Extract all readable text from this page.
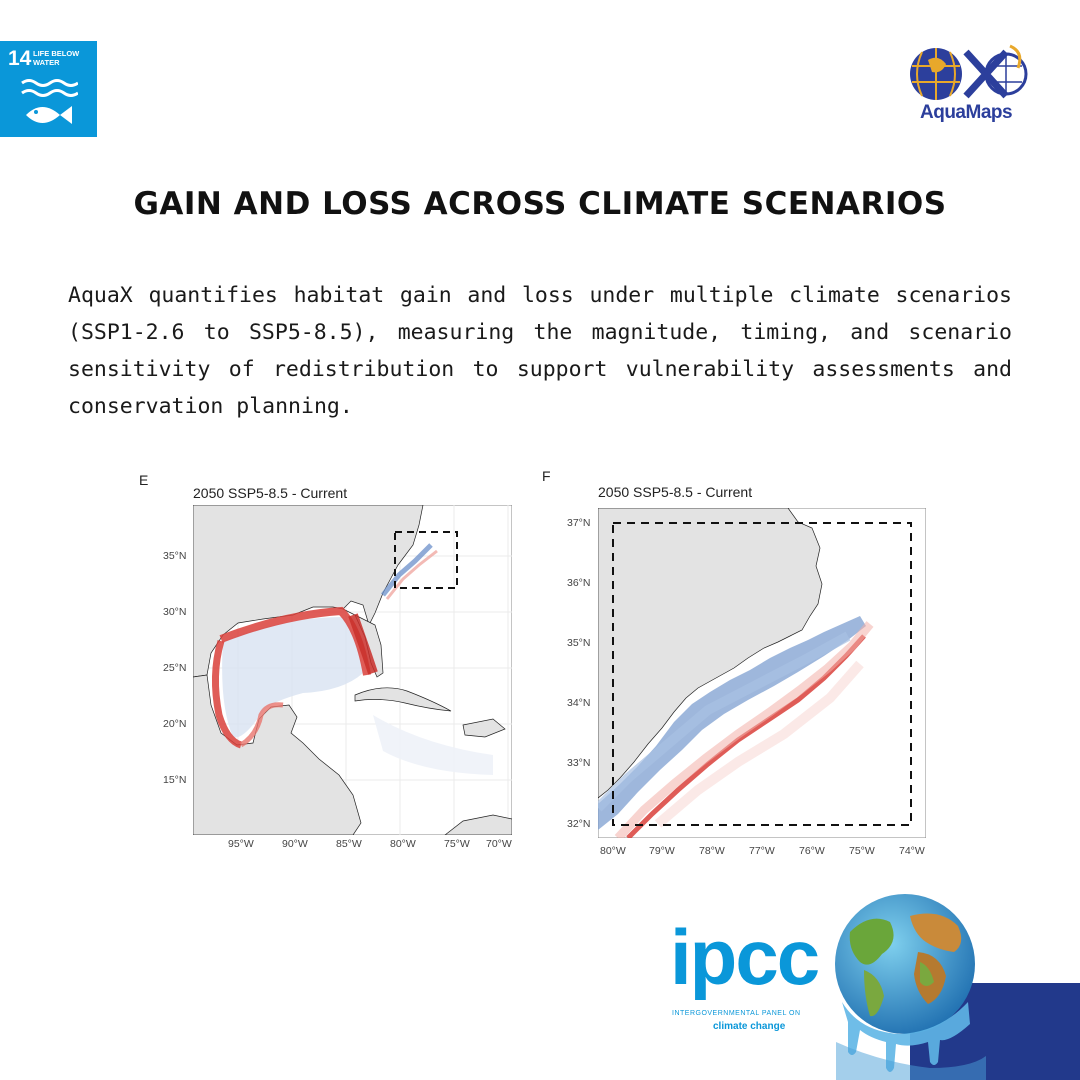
14 LIFE BELOW
WATER
AquaMaps
GAIN AND LOSS ACROSS CLIMATE SCENARIOS
AquaX quantifies habitat gain and loss under multiple climate scenarios (SSP1-2.6 to SSP5-8.5), measuring the magnitude, timing, and scenario sensitivity of redistribution to support vulnerability assessments and conservation planning.
E
2050 SSP5-8.5 - Current
35°N
30°N
25°N
20°N
15°N
95°W	90°W	85°W	80°W	75°W 70°W
F
2050 SSP5-8.5 - Current
37°N
36°N
35°N
34°N
33°N
32°N
80°W 79°W 78°W 77°W 76°W 75°W 74°W
ipcc
INTERGOVERNMENTAL PANEL ON
climate change
